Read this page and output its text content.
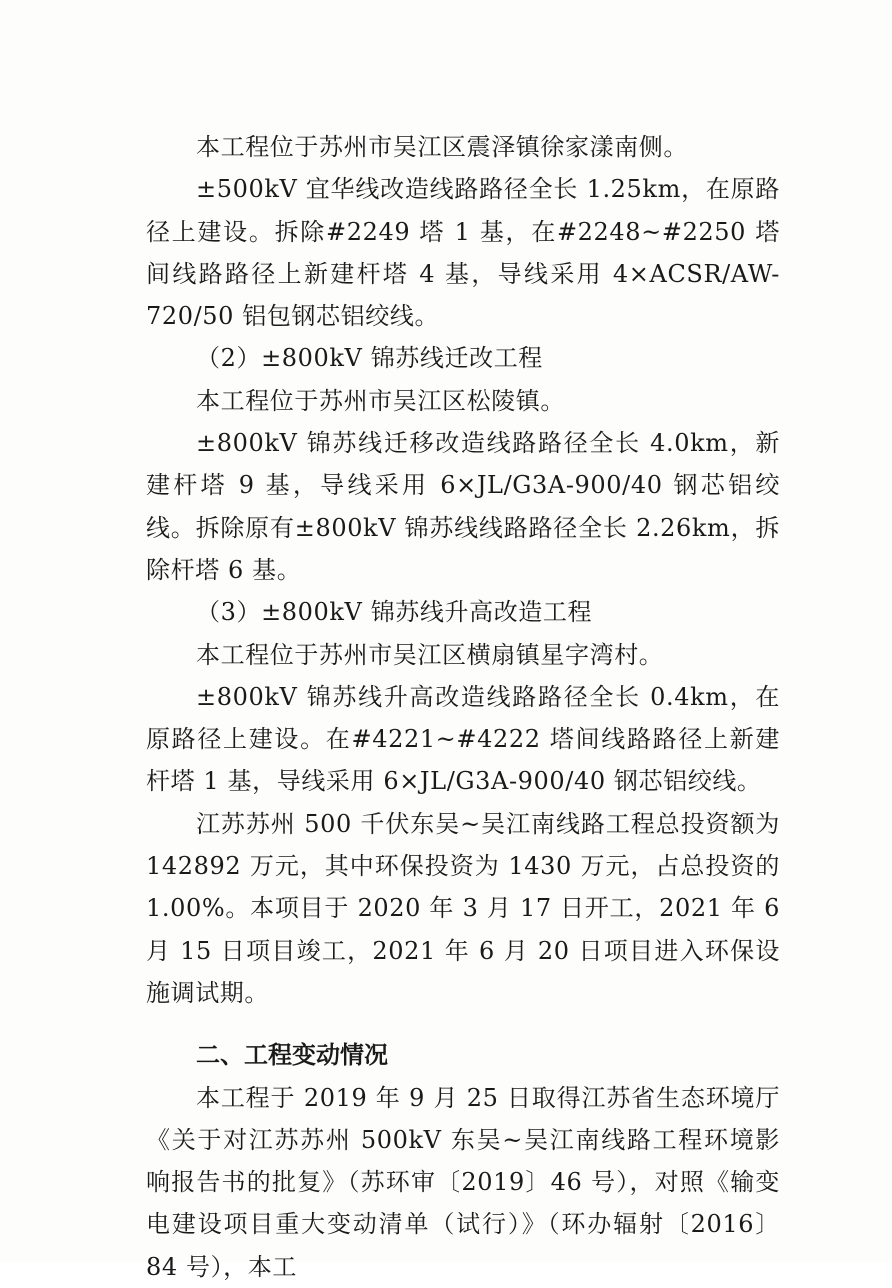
本工程位于苏州市吴江区震泽镇徐家漾南侧。

±500kV 宜华线改造线路路径全长 1.25km，在原路径上建设。拆除#2249 塔 1 基，在#2248~#2250 塔间线路路径上新建杆塔 4 基，导线采用 4×ACSR/AW-720/50 铝包钢芯铝绞线。

（2）±800kV 锦苏线迁改工程

本工程位于苏州市吴江区松陵镇。

±800kV 锦苏线迁移改造线路路径全长 4.0km，新建杆塔 9 基，导线采用 6×JL/G3A-900/40 钢芯铝绞线。拆除原有±800kV 锦苏线线路路径全长 2.26km，拆除杆塔 6 基。

（3）±800kV 锦苏线升高改造工程

本工程位于苏州市吴江区横扇镇星字湾村。

±800kV 锦苏线升高改造线路路径全长 0.4km，在原路径上建设。在#4221~#4222 塔间线路路径上新建杆塔 1 基，导线采用 6×JL/G3A-900/40 钢芯铝绞线。

江苏苏州 500 千伏东吴~吴江南线路工程总投资额为 142892 万元，其中环保投资为 1430 万元，占总投资的 1.00%。本项目于 2020 年 3 月 17 日开工，2021 年 6 月 15 日项目竣工，2021 年 6 月 20 日项目进入环保设施调试期。

二、工程变动情况

本工程于 2019 年 9 月 25 日取得江苏省生态环境厅《关于对江苏苏州 500kV 东吴~吴江南线路工程环境影响报告书的批复》（苏环审〔2019〕46 号），对照《输变电建设项目重大变动清单（试行）》（环办辐射〔2016〕84 号），本工
